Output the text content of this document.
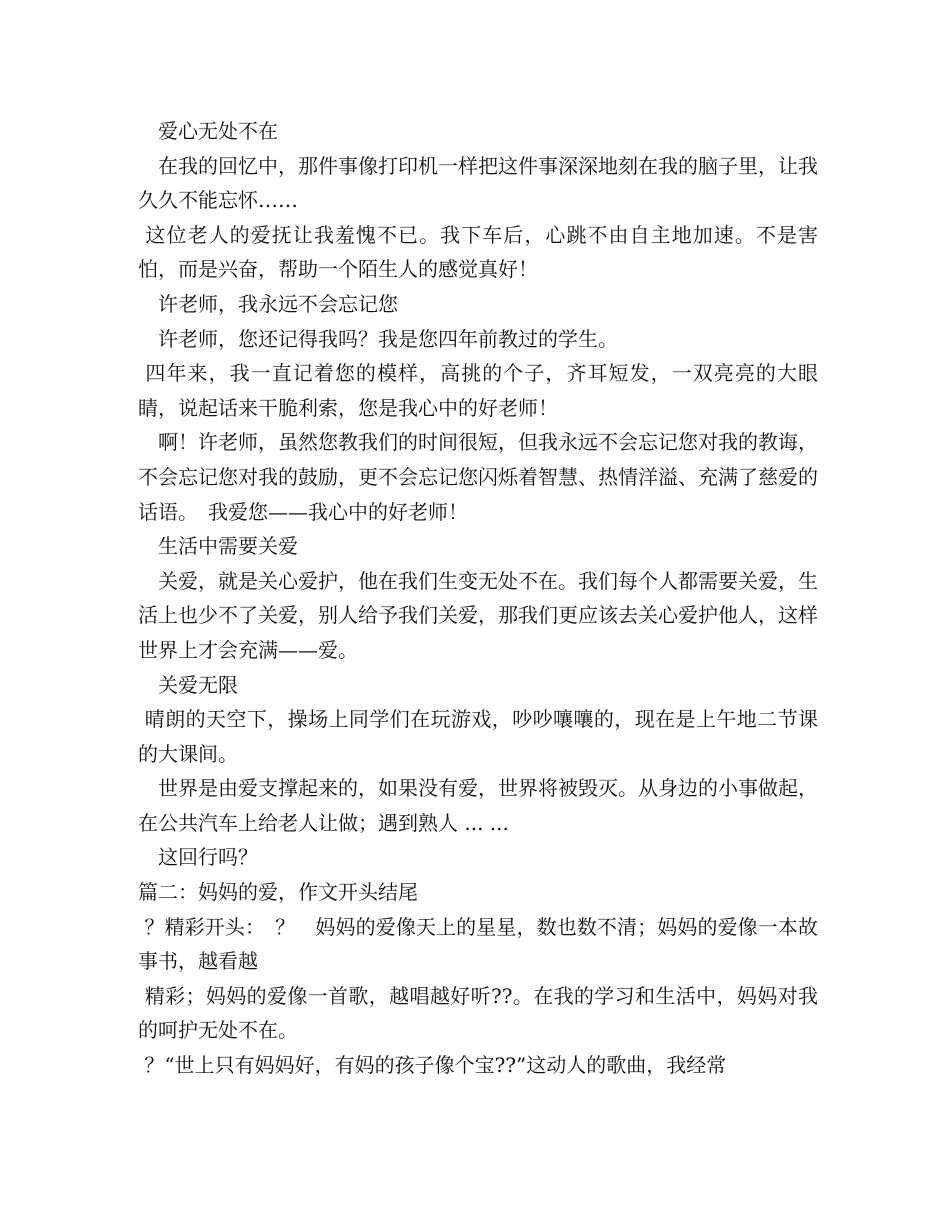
　爱心无处不在

　在我的回忆中，那件事像打印机一样把这件事深深地刻在我的脑子里，让我久久不能忘怀……

这位老人的爱抚让我羞愧不已。我下车后，心跳不由自主地加速。不是害怕，而是兴奋，帮助一个陌生人的感觉真好！

　许老师，我永远不会忘记您

　许老师，您还记得我吗？我是您四年前教过的学生。

四年来，我一直记着您的模样，高挑的个子，齐耳短发，一双亮亮的大眼睛，说起话来干脆利索，您是我心中的好老师！

　啊！许老师，虽然您教我们的时间很短，但我永远不会忘记您对我的教诲，不会忘记您对我的鼓励，更不会忘记您闪烁着智慧、热情洋溢、充满了慈爱的话语。　我爱您——我心中的好老师！

　生活中需要关爱

　关爱，就是关心爱护，他在我们生变无处不在。我们每个人都需要关爱，生活上也少不了关爱，别人给予我们关爱，那我们更应该去关心爱护他人，这样世界上才会充满——爱。

　关爱无限

晴朗的天空下，操场上同学们在玩游戏，吵吵嚷嚷的，现在是上午地二节课的大课间。

　世界是由爱支撑起来的，如果没有爱，世界将被毁灭。从身边的小事做起，在公共汽车上给老人让做；遇到熟人 ... ...

　这回行吗？

篇二：妈妈的爱，作文开头结尾

？精彩开头：　？　妈妈的爱像天上的星星，数也数不清；妈妈的爱像一本故事书，越看越

精彩；妈妈的爱像一首歌，越唱越好听??。在我的学习和生活中，妈妈对我的呵护无处不在。

？“世上只有妈妈好，有妈的孩子像个宝??”这动人的歌曲，我经常
